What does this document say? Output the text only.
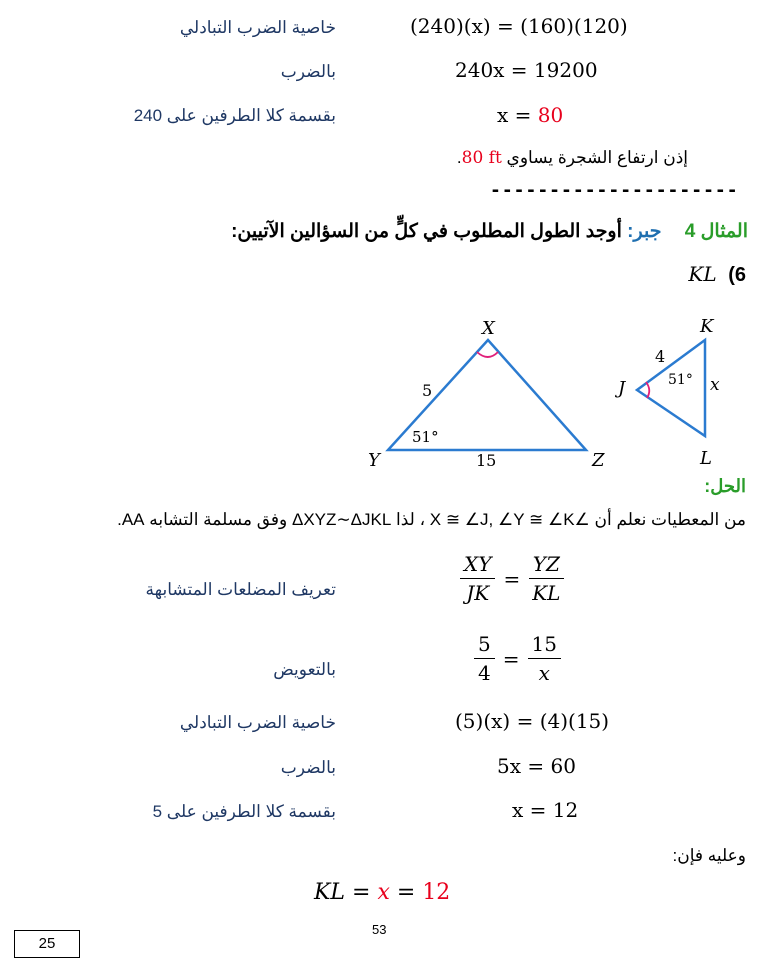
خاصية الضرب التبادلي	(240)(x) = (160)(120)
بالضرب	240x = 19200
بقسمة كلا الطرفين على 240	x = 80
.80 ft إذن ارتفاع الشجرة يساوي
---------------------
المثال 4 جبر: أوجد الطول المطلوب في كلٍّ من السؤالين الآتيين:
KL (6
X
Y	Z
5
15
51°
K
J
L
4
x
51°
الحل:
من المعطيات نعلم أن ∠X ≅ ∠J, ∠Y ≅ ∠K ، لذا ΔXYZ∼ΔJKL وفق مسلمة التشابه AA.
تعريف المضلعات المتشابهة	$\frac{XY}{JK} = \frac{YZ}{KL}$
بالتعويض	$\frac{5}{4} = \frac{15}{x}$
خاصية الضرب التبادلي	(5)(x) = (4)(15)
بالضرب	5x = 60
بقسمة كلا الطرفين على 5	x = 12
وعليه فإن:
KL = x = 12
53
25
